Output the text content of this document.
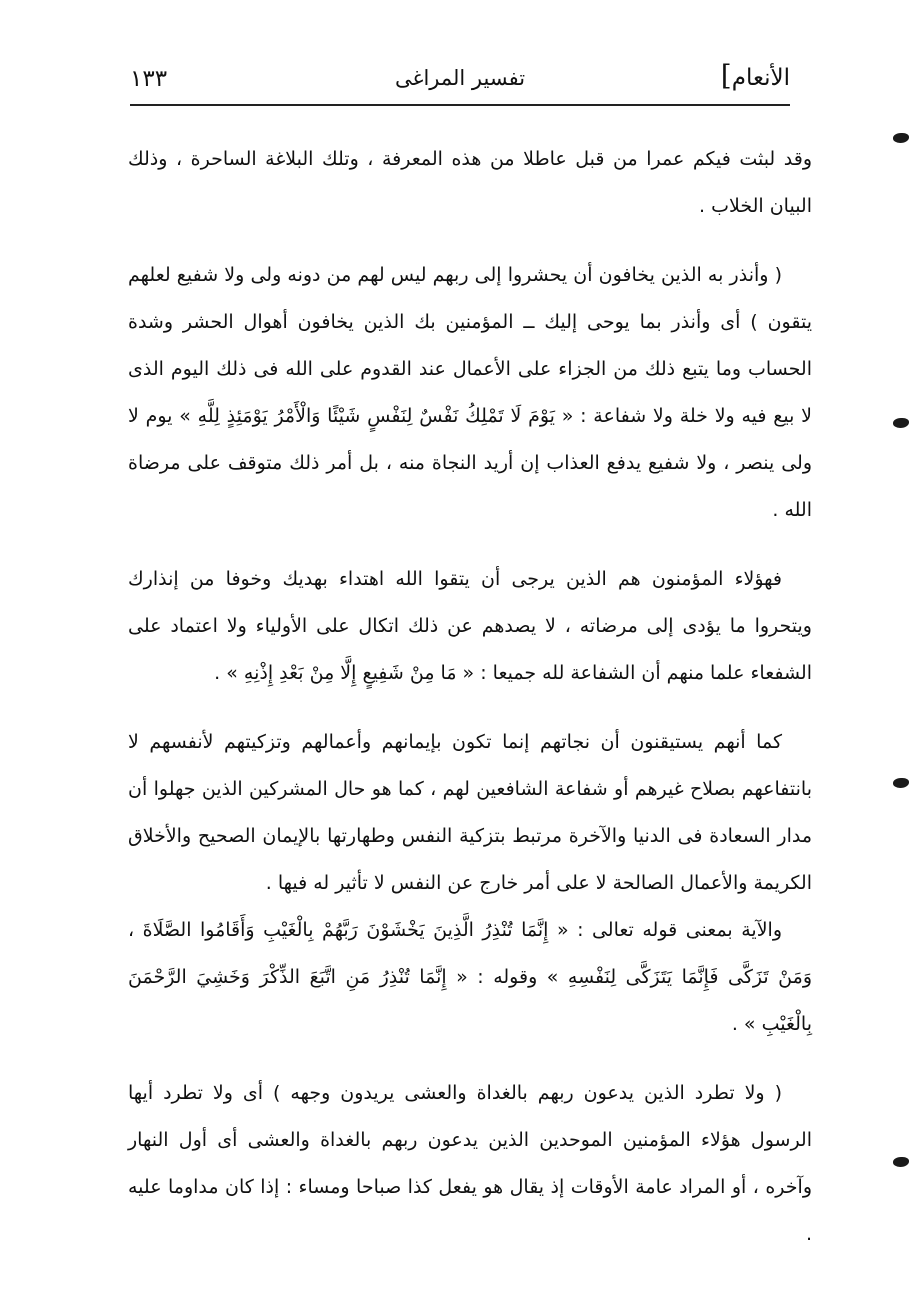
الأنعام]
تفسير المراغى
١٣٣

وقد لبثت فيكم عمرا من قبل عاطلا من هذه المعرفة ، وتلك البلاغة الساحرة ، وذلك البيان الخلاب .

( وأنذر به الذين يخافون أن يحشروا إلى ربهم ليس لهم من دونه ولى ولا شفيع لعلهم يتقون ) أى وأنذر بما يوحى إليك ــ المؤمنين بك الذين يخافون أهوال الحشر وشدة الحساب وما يتبع ذلك من الجزاء على الأعمال عند القدوم على الله فى ذلك اليوم الذى لا بيع فيه ولا خلة ولا شفاعة : « يَوْمَ لَا تَمْلِكُ نَفْسٌ لِنَفْسٍ شَيْئًا وَالْأَمْرُ يَوْمَئِذٍ لِلَّهِ » يوم لا ولى ينصر ، ولا شفيع يدفع العذاب إن أريد النجاة منه ، بل أمر ذلك متوقف على مرضاة الله .

فهؤلاء المؤمنون هم الذين يرجى أن يتقوا الله اهتداء بهديك وخوفا من إنذارك ويتحروا ما يؤدى إلى مرضاته ، لا يصدهم عن ذلك اتكال على الأولياء ولا اعتماد على الشفعاء علما منهم أن الشفاعة لله جميعا : « مَا مِنْ شَفِيعٍ إِلَّا مِنْ بَعْدِ إِذْنِهِ » .

كما أنهم يستيقنون أن نجاتهم إنما تكون بإيمانهم وأعمالهم وتزكيتهم لأنفسهم لا بانتفاعهم بصلاح غيرهم أو شفاعة الشافعين لهم ، كما هو حال المشركين الذين جهلوا أن مدار السعادة فى الدنيا والآخرة مرتبط بتزكية النفس وطهارتها بالإيمان الصحيح والأخلاق الكريمة والأعمال الصالحة لا على أمر خارج عن النفس لا تأثير له فيها .

والآية بمعنى قوله تعالى : « إِنَّمَا تُنْذِرُ الَّذِينَ يَخْشَوْنَ رَبَّهُمْ بِالْغَيْبِ وَأَقَامُوا الصَّلَاةَ ، وَمَنْ تَزَكَّى فَإِنَّمَا يَتَزَكَّى لِنَفْسِهِ » وقوله : « إِنَّمَا تُنْذِرُ مَنِ اتَّبَعَ الذِّكْرَ وَخَشِيَ الرَّحْمَنَ بِالْغَيْبِ » .

( ولا تطرد الذين يدعون ربهم بالغداة والعشى يريدون وجهه ) أى ولا تطرد أيها الرسول هؤلاء المؤمنين الموحدين الذين يدعون ربهم بالغداة والعشى أى أول النهار وآخره ، أو المراد عامة الأوقات إذ يقال هو يفعل كذا صباحا ومساء : إذا كان مداوما عليه .
